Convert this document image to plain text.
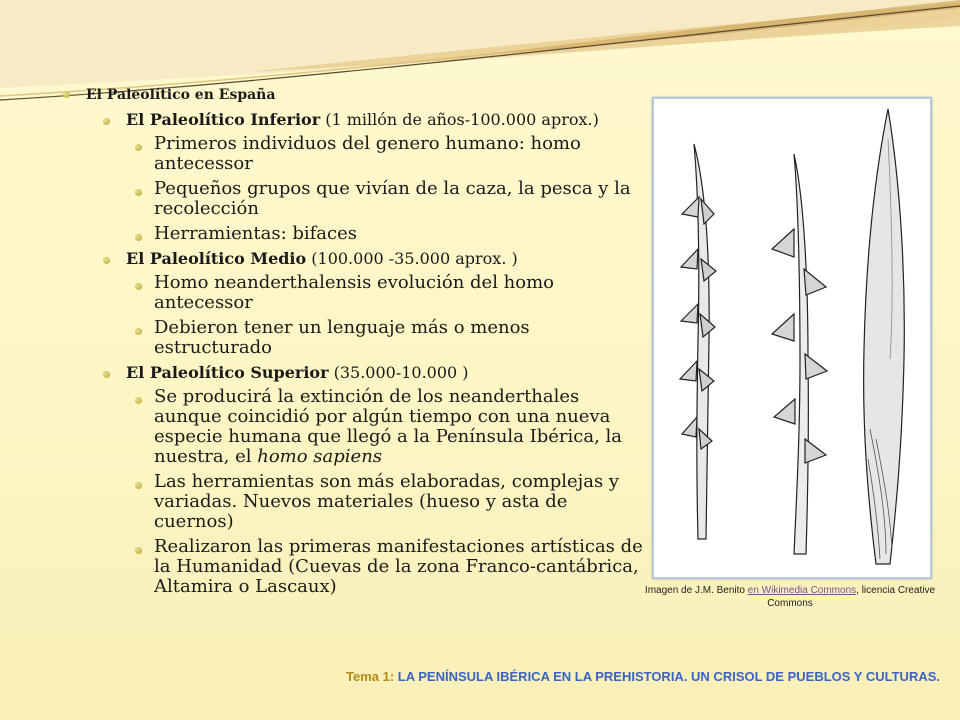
El Paleolítico en España
El Paleolítico Inferior (1 millón de años-100.000 aprox.)
Primeros individuos del genero humano: homo antecessor
Pequeños grupos que vivían de la caza, la pesca y la recolección
Herramientas: bifaces
El Paleolítico Medio (100.000 -35.000 aprox. )
Homo neanderthalensis evolución del homo antecessor
Debieron tener un lenguaje más o menos estructurado
El Paleolítico Superior (35.000-10.000 )
Se producirá la extinción de los neanderthales aunque coincidió por algún tiempo con una nueva especie humana que llegó a la Península Ibérica, la nuestra, el homo sapiens
Las herramientas son más elaboradas, complejas y variadas. Nuevos materiales (hueso y asta de cuernos)
Realizaron las primeras manifestaciones artísticas de la Humanidad (Cuevas de la zona Franco-cantábrica, Altamira o Lascaux)	Imagen de J.M. Benito en Wikimedia Commons, licencia Creative Commons
Tema 1: LA PENÍNSULA IBÉRICA EN LA PREHISTORIA. UN CRISOL DE PUEBLOS Y CULTURAS.
